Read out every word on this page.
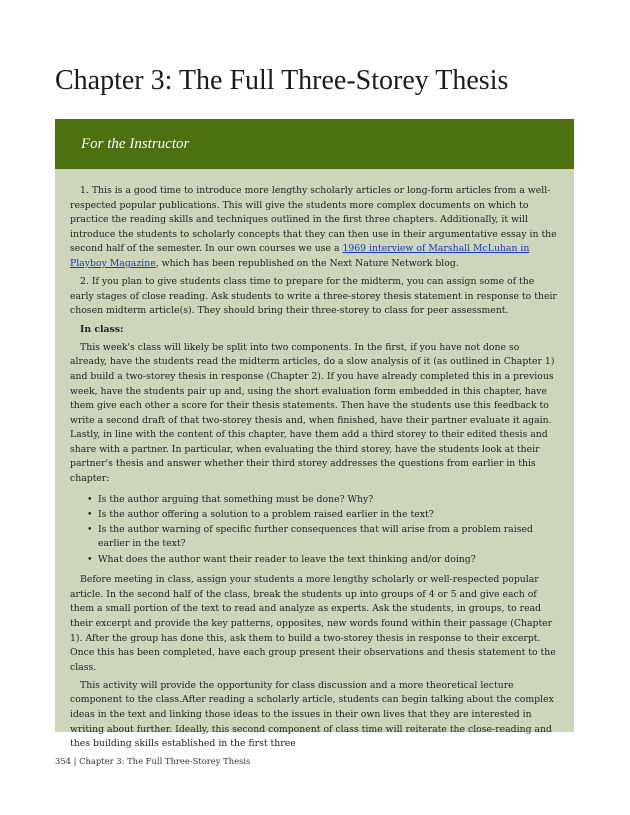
Chapter 3: The Full Three-Storey Thesis
For the Instructor

1. This is a good time to introduce more lengthy scholarly articles or long-form articles from a well-respected popular publications. This will give the students more complex documents on which to practice the reading skills and techniques outlined in the first three chapters. Additionally, it will introduce the students to scholarly concepts that they can then use in their argumentative essay in the second half of the semester. In our own courses we use a 1969 interview of Marshall McLuhan in Playboy Magazine, which has been republished on the Next Nature Network blog.

2. If you plan to give students class time to prepare for the midterm, you can assign some of the early stages of close reading. Ask students to write a three-storey thesis statement in response to their chosen midterm article(s). They should bring their three-storey to class for peer assessment.

In class:

This week's class will likely be split into two components. In the first, if you have not done so already, have the students read the midterm articles, do a slow analysis of it (as outlined in Chapter 1) and build a two-storey thesis in response (Chapter 2). If you have already completed this in a previous week, have the students pair up and, using the short evaluation form embedded in this chapter, have them give each other a score for their thesis statements. Then have the students use this feedback to write a second draft of that two-storey thesis and, when finished, have their partner evaluate it again. Lastly, in line with the content of this chapter, have them add a third storey to their edited thesis and share with a partner. In particular, when evaluating the third storey, have the students look at their partner's thesis and answer whether their third storey addresses the questions from earlier in this chapter:

• Is the author arguing that something must be done? Why?
• Is the author offering a solution to a problem raised earlier in the text?
• Is the author warning of specific further consequences that will arise from a problem raised earlier in the text?
• What does the author want their reader to leave the text thinking and/or doing?

Before meeting in class, assign your students a more lengthy scholarly or well-respected popular article. In the second half of the class, break the students up into groups of 4 or 5 and give each of them a small portion of the text to read and analyze as experts. Ask the students, in groups, to read their excerpt and provide the key patterns, opposites, new words found within their passage (Chapter 1). After the group has done this, ask them to build a two-storey thesis in response to their excerpt. Once this has been completed, have each group present their observations and thesis statement to the class.

This activity will provide the opportunity for class discussion and a more theoretical lecture component to the class.After reading a scholarly article, students can begin talking about the complex ideas in the text and linking those ideas to the issues in their own lives that they are interested in writing about further. Ideally, this second component of class time will reiterate the close-reading and thes building skills established in the first three

354 | Chapter 3: The Full Three-Storey Thesis
